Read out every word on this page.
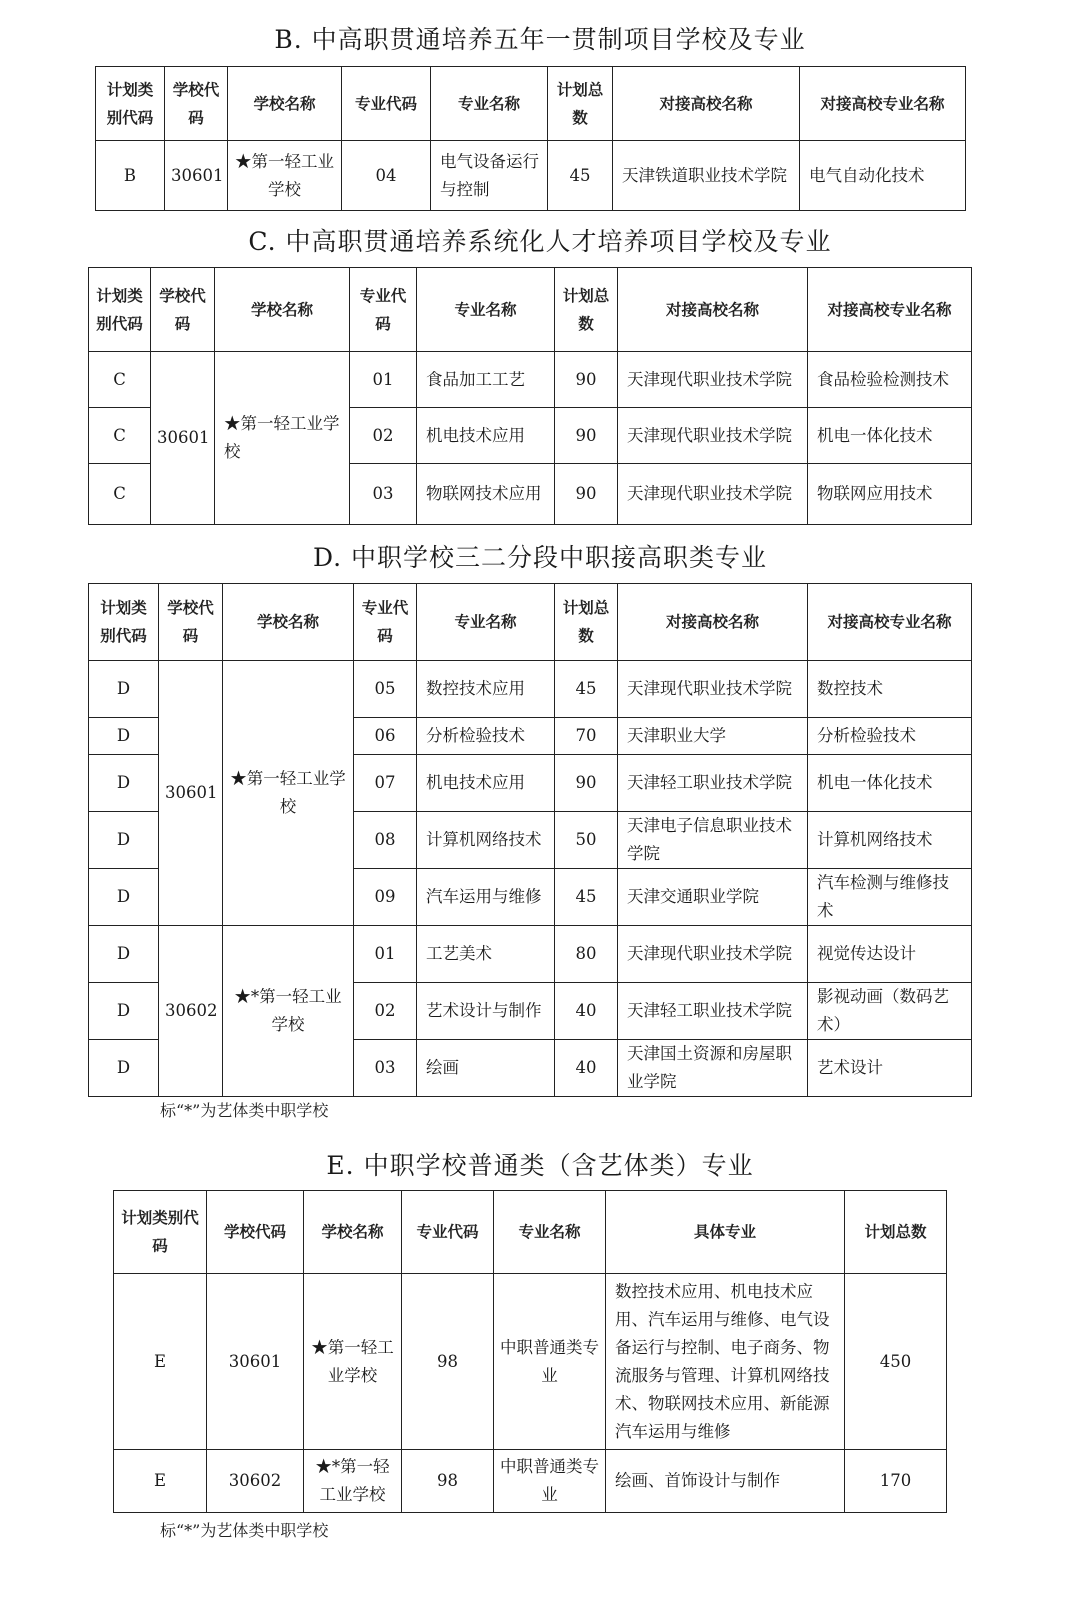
B. 中高职贯通培养五年一贯制项目学校及专业
计划类别代码	学校代码	学校名称	专业代码	专业名称	计划总数	对接高校名称	对接高校专业名称
B	30601	★第一轻工业学校	04	电气设备运行与控制	45	天津铁道职业技术学院	电气自动化技术
C. 中高职贯通培养系统化人才培养项目学校及专业
计划类别代码	学校代码	学校名称	专业代码	专业名称	计划总数	对接高校名称	对接高校专业名称
C	30601	★第一轻工业学校	01	食品加工工艺	90	天津现代职业技术学院	食品检验检测技术
C			02	机电技术应用	90	天津现代职业技术学院	机电一体化技术
C			03	物联网技术应用	90	天津现代职业技术学院	物联网应用技术
D. 中职学校三二分段中职接高职类专业
计划类别代码	学校代码	学校名称	专业代码	专业名称	计划总数	对接高校名称	对接高校专业名称
D	30601	★第一轻工业学校	05	数控技术应用	45	天津现代职业技术学院	数控技术
D			06	分析检验技术	70	天津职业大学	分析检验技术
D			07	机电技术应用	90	天津轻工职业技术学院	机电一体化技术
D			08	计算机网络技术	50	天津电子信息职业技术学院	计算机网络技术
D			09	汽车运用与维修	45	天津交通职业学院	汽车检测与维修技术
D	30602	★*第一轻工业学校	01	工艺美术	80	天津现代职业技术学院	视觉传达设计
D			02	艺术设计与制作	40	天津轻工职业技术学院	影视动画（数码艺术）
D			03	绘画	40	天津国土资源和房屋职业学院	艺术设计
标“*”为艺体类中职学校
E. 中职学校普通类（含艺体类）专业
计划类别代码	学校代码	学校名称	专业代码	专业名称	具体专业	计划总数
E	30601	★第一轻工业学校	98	中职普通类专业	数控技术应用、机电技术应用、汽车运用与维修、电气设备运行与控制、电子商务、物流服务与管理、计算机网络技术、物联网技术应用、新能源汽车运用与维修	450
E	30602	★*第一轻工业学校	98	中职普通类专业	绘画、首饰设计与制作	170
标“*”为艺体类中职学校
